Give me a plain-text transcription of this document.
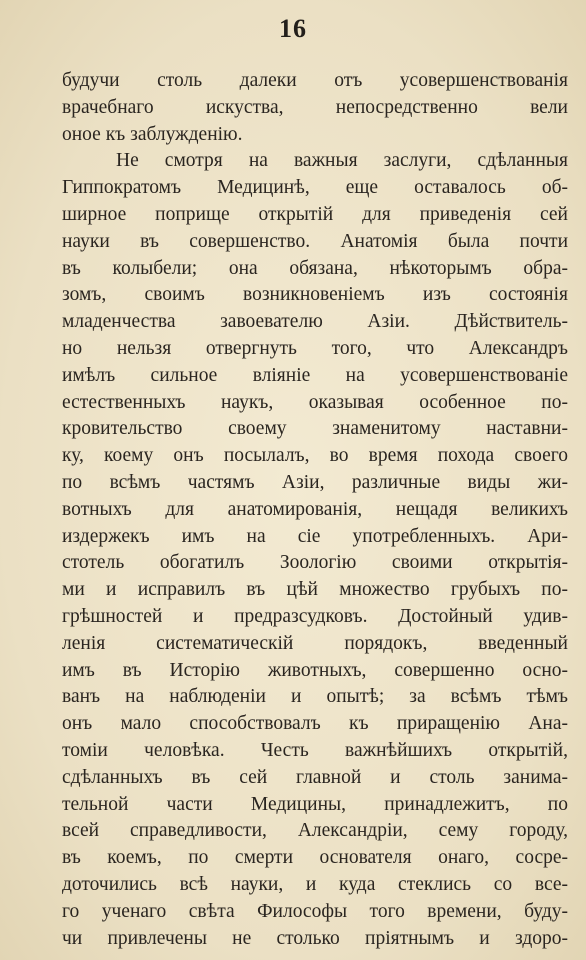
16
будучи столь далеки отъ усовершенствованія
врачебнаго искуства, непосредственно вели
оное къ заблужденію.
Не смотря на важныя заслуги, сдѣланныя
Гиппократомъ Медицинѣ, еще оставалось об-
ширное поприще открытій для приведенія сей
науки въ совершенство. Анатомія была почти
въ колыбели; она обязана, нѣкоторымъ обра-
зомъ, своимъ возникновеніемъ изъ состоянія
младенчества завоевателю Азіи. Дѣйствитель-
но нельзя отвергнуть того, что Александръ
имѣлъ сильное вліяніе на усовершенствованіе
естественныхъ наукъ, оказывая особенное по-
кровительство своему знаменитому наставни-
ку, коему онъ посылалъ, во время похода своего
по всѣмъ частямъ Азіи, различные виды жи-
вотныхъ для анатомированія, нещадя великихъ
издержекъ имъ на сіе употребленныхъ. Ари-
стотель обогатилъ Зоологію своими открытія-
ми и исправилъ въ цѣй множество грубыхъ по-
грѣшностей и предразсудковъ. Достойный удив-
ленія систематическій порядокъ, введенный
имъ въ Исторію животныхъ, совершенно осно-
ванъ на наблюденіи и опытѣ; за всѣмъ тѣмъ
онъ мало способствовалъ къ приращенію Ана-
томіи человѣка. Честь важнѣйшихъ открытій,
сдѣланныхъ въ сей главной и столь занима-
тельной части Медицины, принадлежитъ, по
всей справедливости, Александріи, сему городу,
въ коемъ, по смерти основателя онаго, сосре-
доточились всѣ науки, и куда стеклись со все-
го ученаго свѣта Философы того времени, буду-
чи привлечены не столько пріятнымъ и здоро-
